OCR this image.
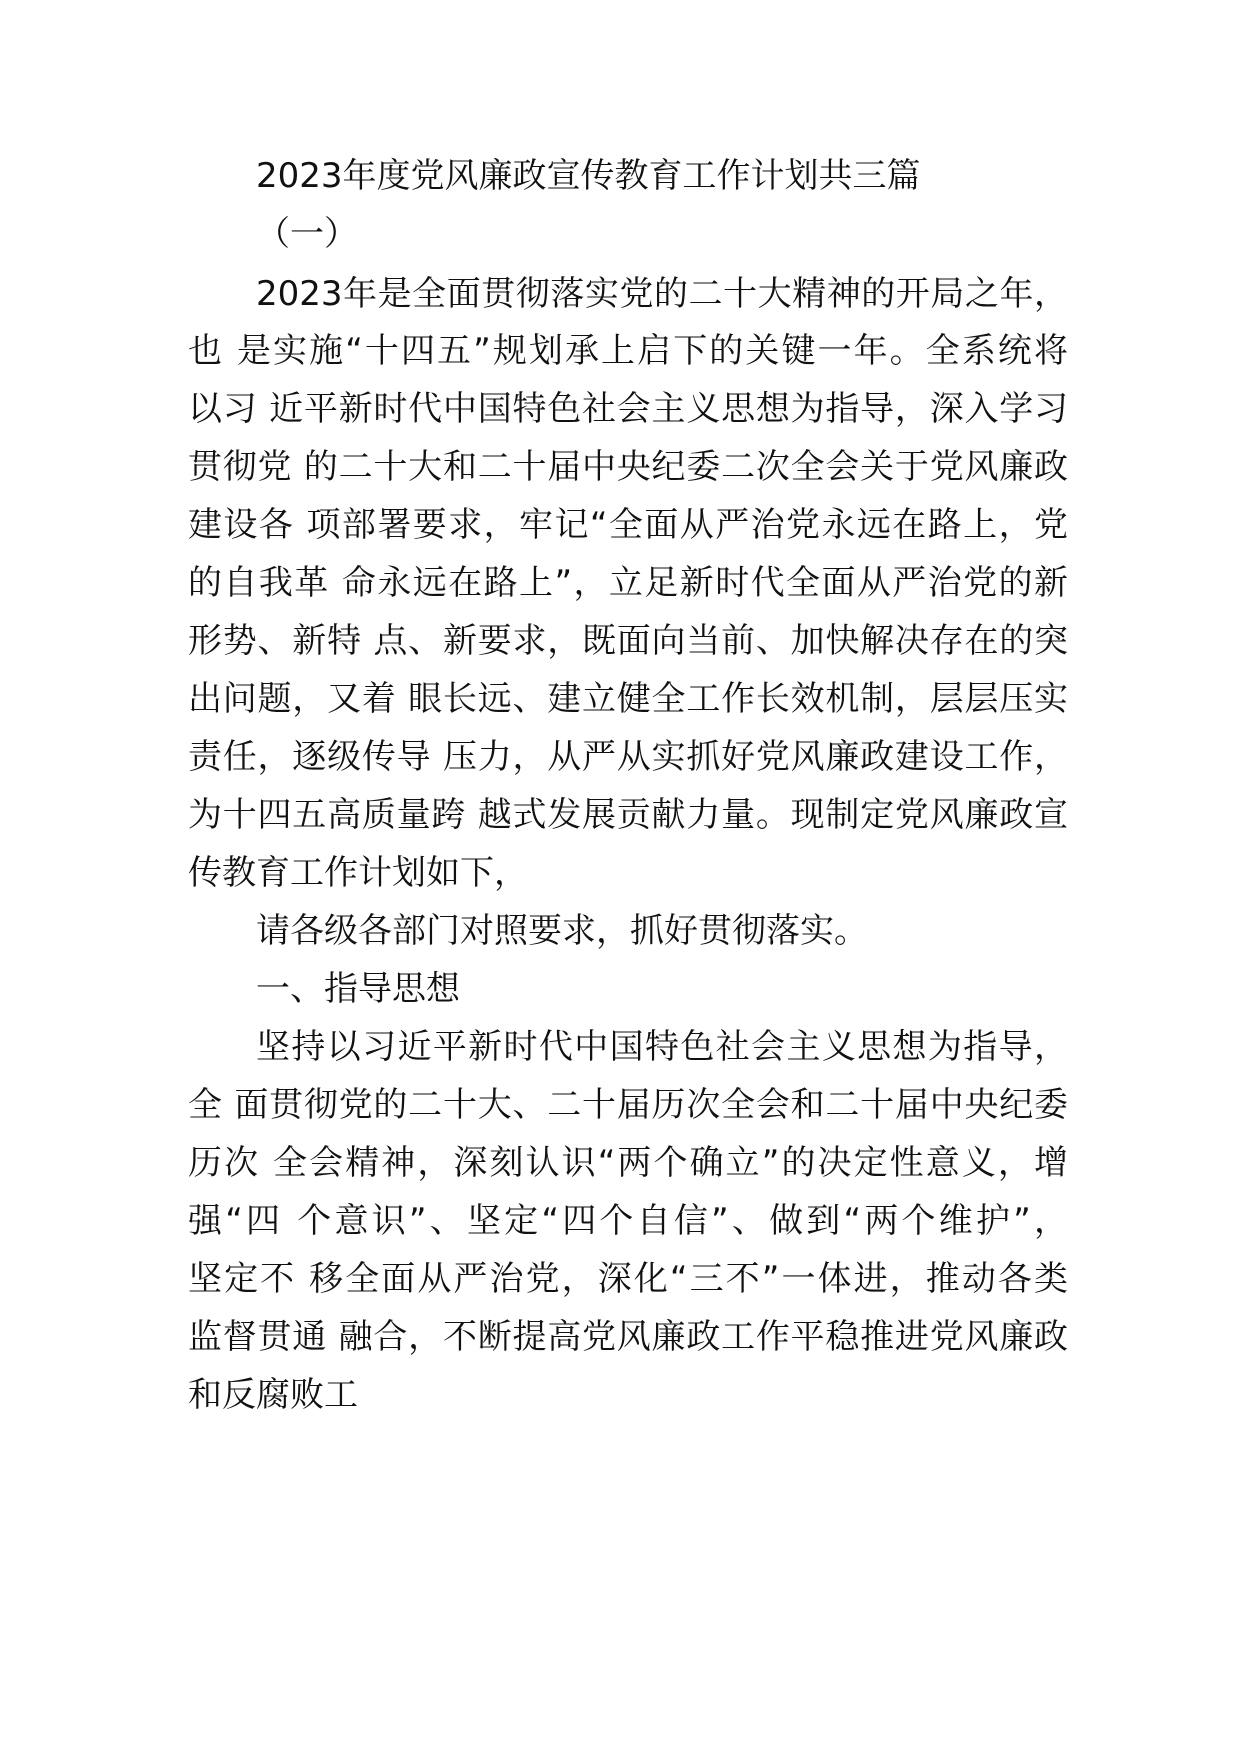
2023年度党风廉政宣传教育工作计划共三篇
（一）
2023年是全面贯彻落实党的二十大精神的开局之年，
也 是实施“十四五”规划承上启下的关键一年。全系统将
以习 近平新时代中国特色社会主义思想为指导，深入学习
贯彻党 的二十大和二十届中央纪委二次全会关于党风廉政
建设各 项部署要求，牢记“全面从严治党永远在路上，党
的自我革 命永远在路上”，立足新时代全面从严治党的新
形势、新特 点、新要求，既面向当前、加快解决存在的突
出问题，又着 眼长远、建立健全工作长效机制，层层压实
责任，逐级传导 压力，从严从实抓好党风廉政建设工作，
为十四五高质量跨 越式发展贡献力量。现制定党风廉政宣
传教育工作计划如下，
请各级各部门对照要求，抓好贯彻落实。
一、指导思想
坚持以习近平新时代中国特色社会主义思想为指导，
全 面贯彻党的二十大、二十届历次全会和二十届中央纪委
历次 全会精神，深刻认识“两个确立”的决定性意义，增
强“四 个意识”、坚定“四个自信”、做到“两个维护”，
坚定不 移全面从严治党，深化“三不”一体进，推动各类
监督贯通 融合，不断提高党风廉政工作平稳推进党风廉政
和反腐败工
